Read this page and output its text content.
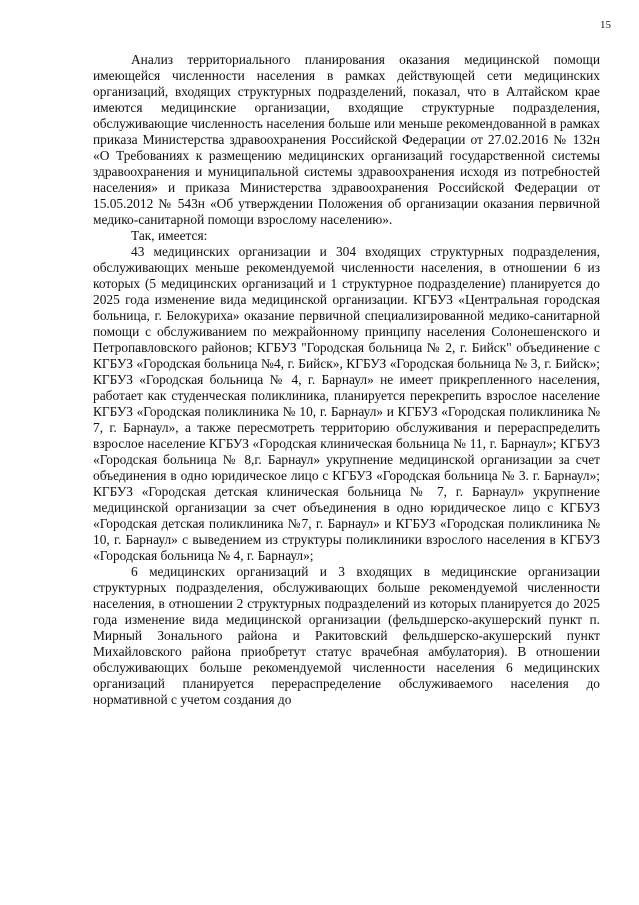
15

Анализ территориального планирования оказания медицинской помощи имеющейся численности населения в рамках действующей сети медицинских организаций, входящих структурных подразделений, показал, что в Алтайском крае имеются медицинские организации, входящие структурные подразделения, обслуживающие численность населения больше или меньше рекомендованной в рамках приказа Министерства здравоохранения Российской Федерации от 27.02.2016 № 132н «О Требованиях к размещению медицинских организаций государственной системы здравоохранения и муниципальной системы здравоохранения исходя из потребностей населения» и приказа Министерства здравоохранения Российской Федерации от 15.05.2012 № 543н «Об утверждении Положения об организации оказания первичной медико-санитарной помощи взрослому населению».

Так, имеется:

43 медицинских организации и 304 входящих структурных подразделения, обслуживающих меньше рекомендуемой численности населения, в отношении 6 из которых (5 медицинских организаций и 1 структурное подразделение) планируется до 2025 года изменение вида медицинской организации. КГБУЗ «Центральная городская больница, г. Белокуриха» оказание первичной специализированной медико-санитарной помощи с обслуживанием по межрайонному принципу населения Солонешенского и Петропавловского районов; КГБУЗ "Городская больница № 2, г. Бийск" объединение с КГБУЗ «Городская больница №4, г. Бийск», КГБУЗ «Городская больница № 3, г. Бийск»; КГБУЗ «Городская больница № 4, г. Барнаул» не имеет прикрепленного населения, работает как студенческая поликлиника, планируется перекрепить взрослое население КГБУЗ «Городская поликлиника № 10, г. Барнаул» и КГБУЗ «Городская поликлиника № 7, г. Барнаул», а также пересмотреть территорию обслуживания и перераспределить взрослое население КГБУЗ «Городская клиническая больница № 11, г. Барнаул»; КГБУЗ «Городская больница № 8,г. Барнаул» укрупнение медицинской организации за счет объединения в одно юридическое лицо с КГБУЗ «Городская больница № 3. г. Барнаул»; КГБУЗ «Городская детская клиническая больница № 7, г. Барнаул» укрупнение медицинской организации за счет объединения в одно юридическое лицо с КГБУЗ «Городская детская поликлиника №7, г. Барнаул» и КГБУЗ «Городская поликлиника № 10, г. Барнаул» с выведением из структуры поликлиники взрослого населения в КГБУЗ «Городская больница № 4, г. Барнаул»;

6 медицинских организаций и 3 входящих в медицинские организации структурных подразделения, обслуживающих больше рекомендуемой численности населения, в отношении 2 структурных подразделений из которых планируется до 2025 года изменение вида медицинской организации (фельдшерско-акушерский пункт п. Мирный Зонального района и Ракитовский фельдшерско-акушерский пункт Михайловского района приобретут статус врачебная амбулатория). В отношении обслуживающих больше рекомендуемой численности населения 6 медицинских организаций планируется перераспределение обслуживаемого населения до нормативной с учетом создания до
